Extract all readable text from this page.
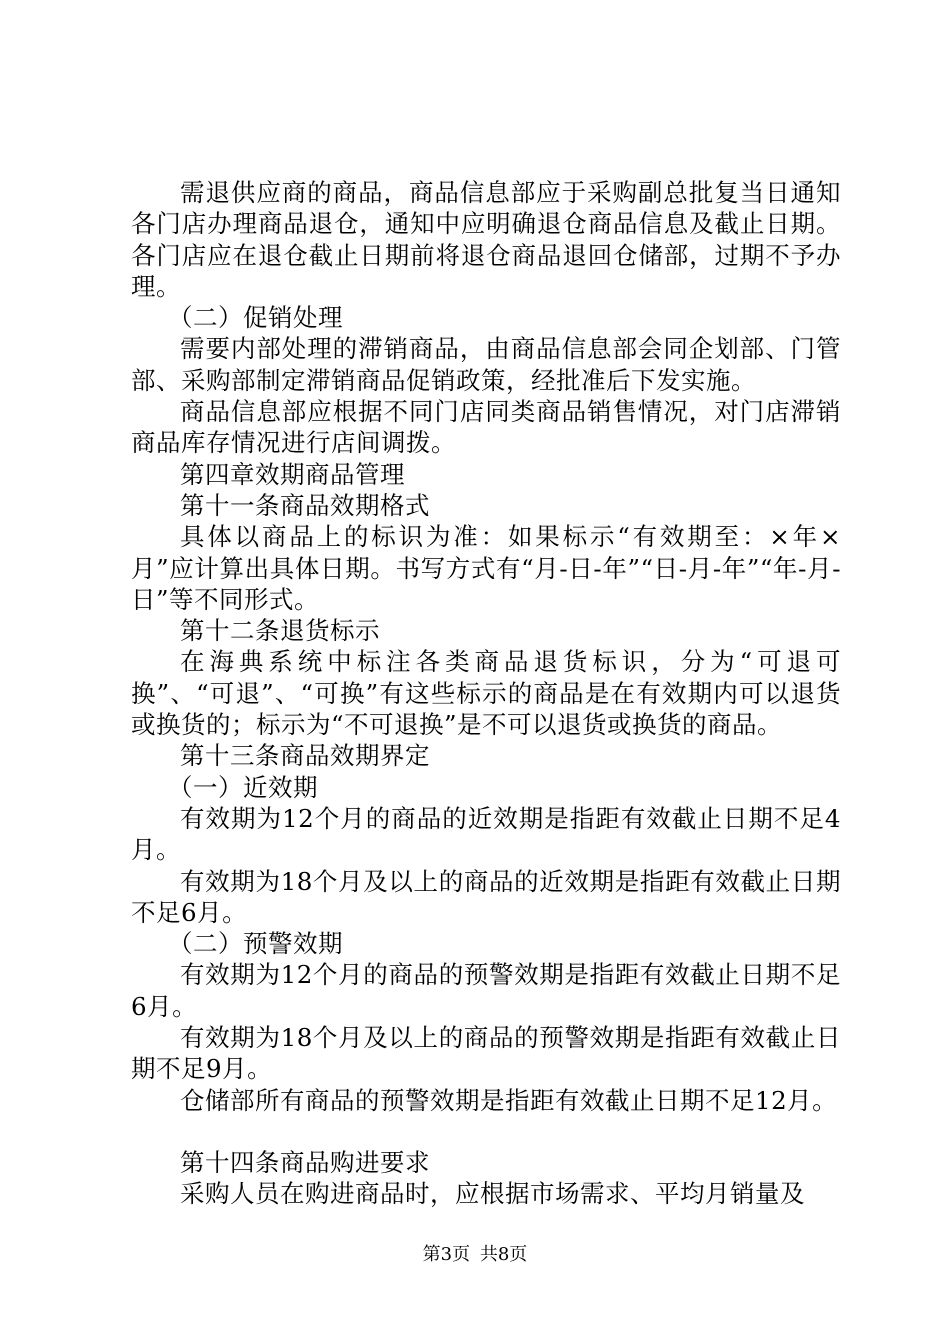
需退供应商的商品，商品信息部应于采购副总批复当日通知各门店办理商品退仓，通知中应明确退仓商品信息及截止日期。各门店应在退仓截止日期前将退仓商品退回仓储部，过期不予办理。

（二）促销处理

需要内部处理的滞销商品，由商品信息部会同企划部、门管部、采购部制定滞销商品促销政策，经批准后下发实施。

商品信息部应根据不同门店同类商品销售情况，对门店滞销商品库存情况进行店间调拨。

第四章效期商品管理

第十一条商品效期格式

具体以商品上的标识为准：如果标示“有效期至：×年×月”应计算出具体日期。书写方式有“月-日-年”“日-月-年”“年-月-日”等不同形式。

第十二条退货标示

在海典系统中标注各类商品退货标识，分为“可退可换”、“可退”、“可换”有这些标示的商品是在有效期内可以退货或换货的；标示为“不可退换”是不可以退货或换货的商品。

第十三条商品效期界定

（一）近效期

有效期为12个月的商品的近效期是指距有效截止日期不足4月。

有效期为18个月及以上的商品的近效期是指距有效截止日期不足6月。

（二）预警效期

有效期为12个月的商品的预警效期是指距有效截止日期不足6月。

有效期为18个月及以上的商品的预警效期是指距有效截止日期不足9月。

仓储部所有商品的预警效期是指距有效截止日期不足12月。

第十四条商品购进要求

采购人员在购进商品时，应根据市场需求、平均月销量及

第3页 共8页
